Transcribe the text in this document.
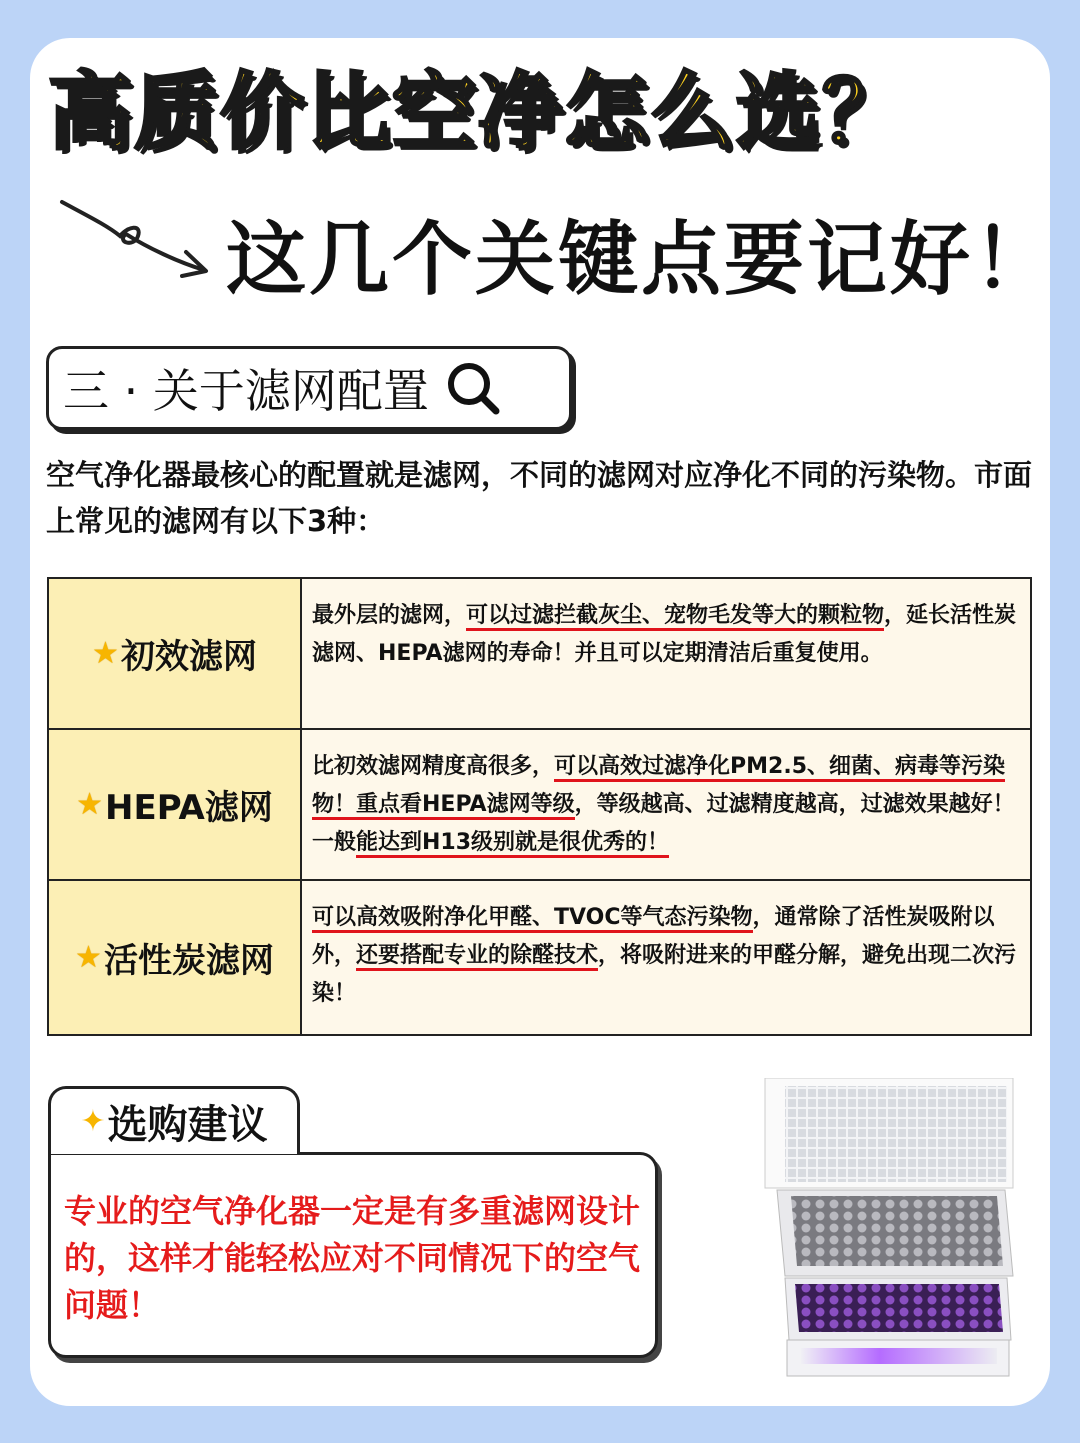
高质价比空净怎么选？
这几个关键点要记好！
三 · 关于滤网配置
空气净化器最核心的配置就是滤网，不同的滤网对应净化不同的污染物。市面上常见的滤网有以下3种：
★ 初效滤网
最外层的滤网，可以过滤拦截灰尘、宠物毛发等大的颗粒物，延长活性炭滤网、HEPA滤网的寿命！并且可以定期清洁后重复使用。
★ HEPA滤网
比初效滤网精度高很多，可以高效过滤净化PM2.5、细菌、病毒等污染物！重点看HEPA滤网等级，等级越高、过滤精度越高，过滤效果越好！一般能达到H13级别就是很优秀的！
★ 活性炭滤网
可以高效吸附净化甲醛、TVOC等气态污染物，通常除了活性炭吸附以外，还要搭配专业的除醛技术，将吸附进来的甲醛分解，避免出现二次污染！
✦ 选购建议
专业的空气净化器一定是有多重滤网设计的，这样才能轻松应对不同情况下的空气问题！
